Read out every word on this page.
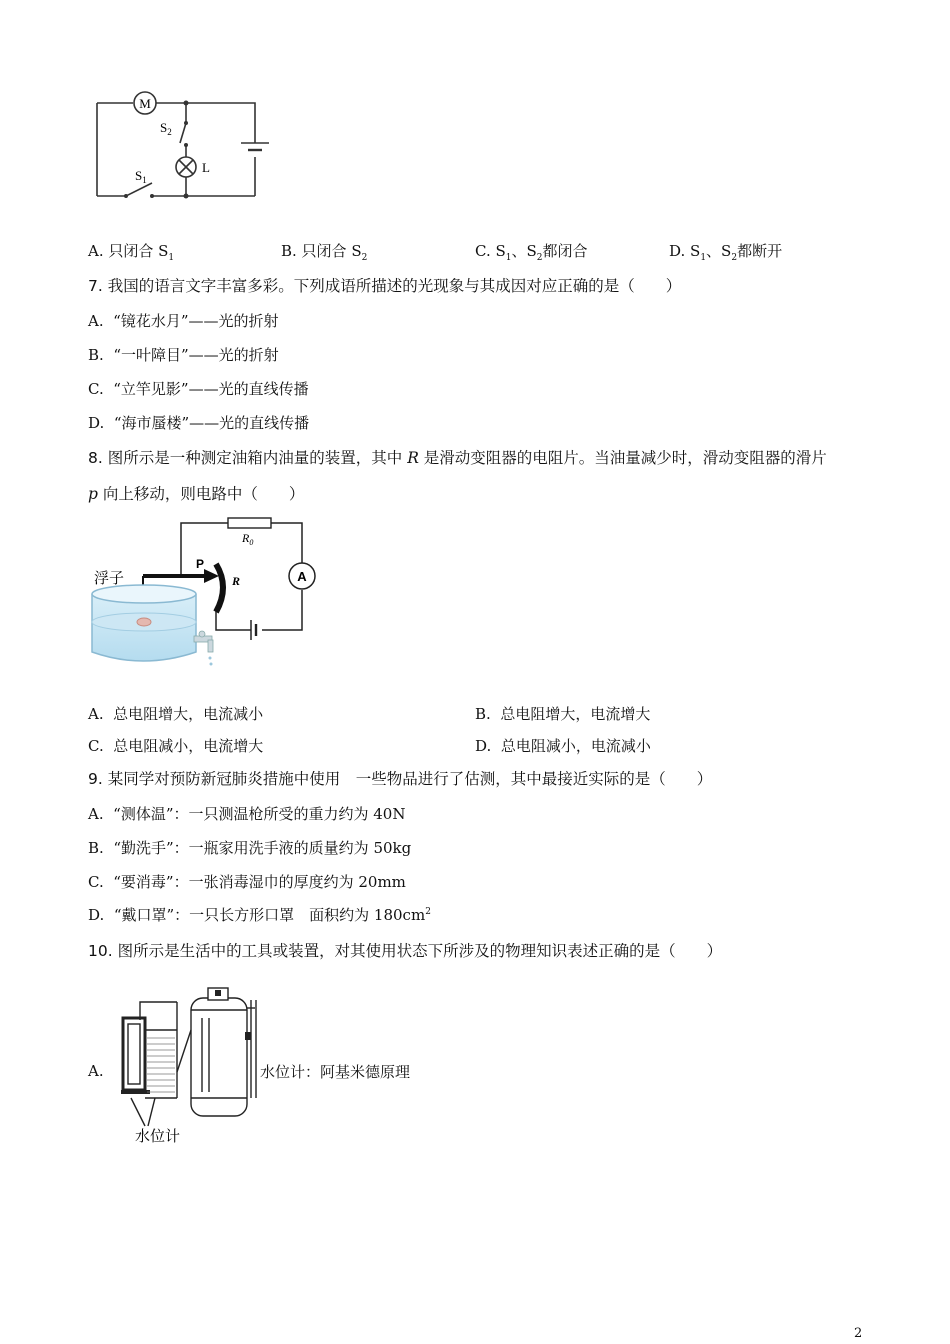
M
$S_2$
L
$S_1$
A. 只闭合 $S_1$	B. 只闭合 $S_2$	C. $S_1$、$S_2$都闭合	D. $S_1$、$S_2$都断开
7. 我国的语言文字丰富多彩。下列成语所描述的光现象与其成因对应正确的是（　　）
A. “镜花水月”——光的折射
B. “一叶障目”——光的折射
C. “立竿见影”——光的直线传播
D. “海市蜃楼”——光的直线传播
8. 图所示是一种测定油箱内油量的装置，其中 R 是滑动变阻器的电阻片。当油量减少时，滑动变阻器的滑片
p 向上移动，则电路中（　　）
$R_0$
A
R
P
浮子
A. 总电阻增大，电流减小	B. 总电阻增大，电流增大
C. 总电阻减小，电流增大	D. 总电阻减小，电流减小
9. 某同学对预防新冠肺炎措施中使用　一些物品进行了估测，其中最接近实际的是（　　）
A. “测体温”：一只测温枪所受的重力约为 40N
B. “勤洗手”：一瓶家用洗手液的质量约为 50kg
C. “要消毒”：一张消毒湿巾的厚度约为 20mm
D. “戴口罩”：一只长方形口罩　面积约为 $180cm^2$
10. 图所示是生活中的工具或装置，对其使用状态下所涉及的物理知识表述正确的是（　　）
A.
水位计
水位计：阿基米德原理
2
